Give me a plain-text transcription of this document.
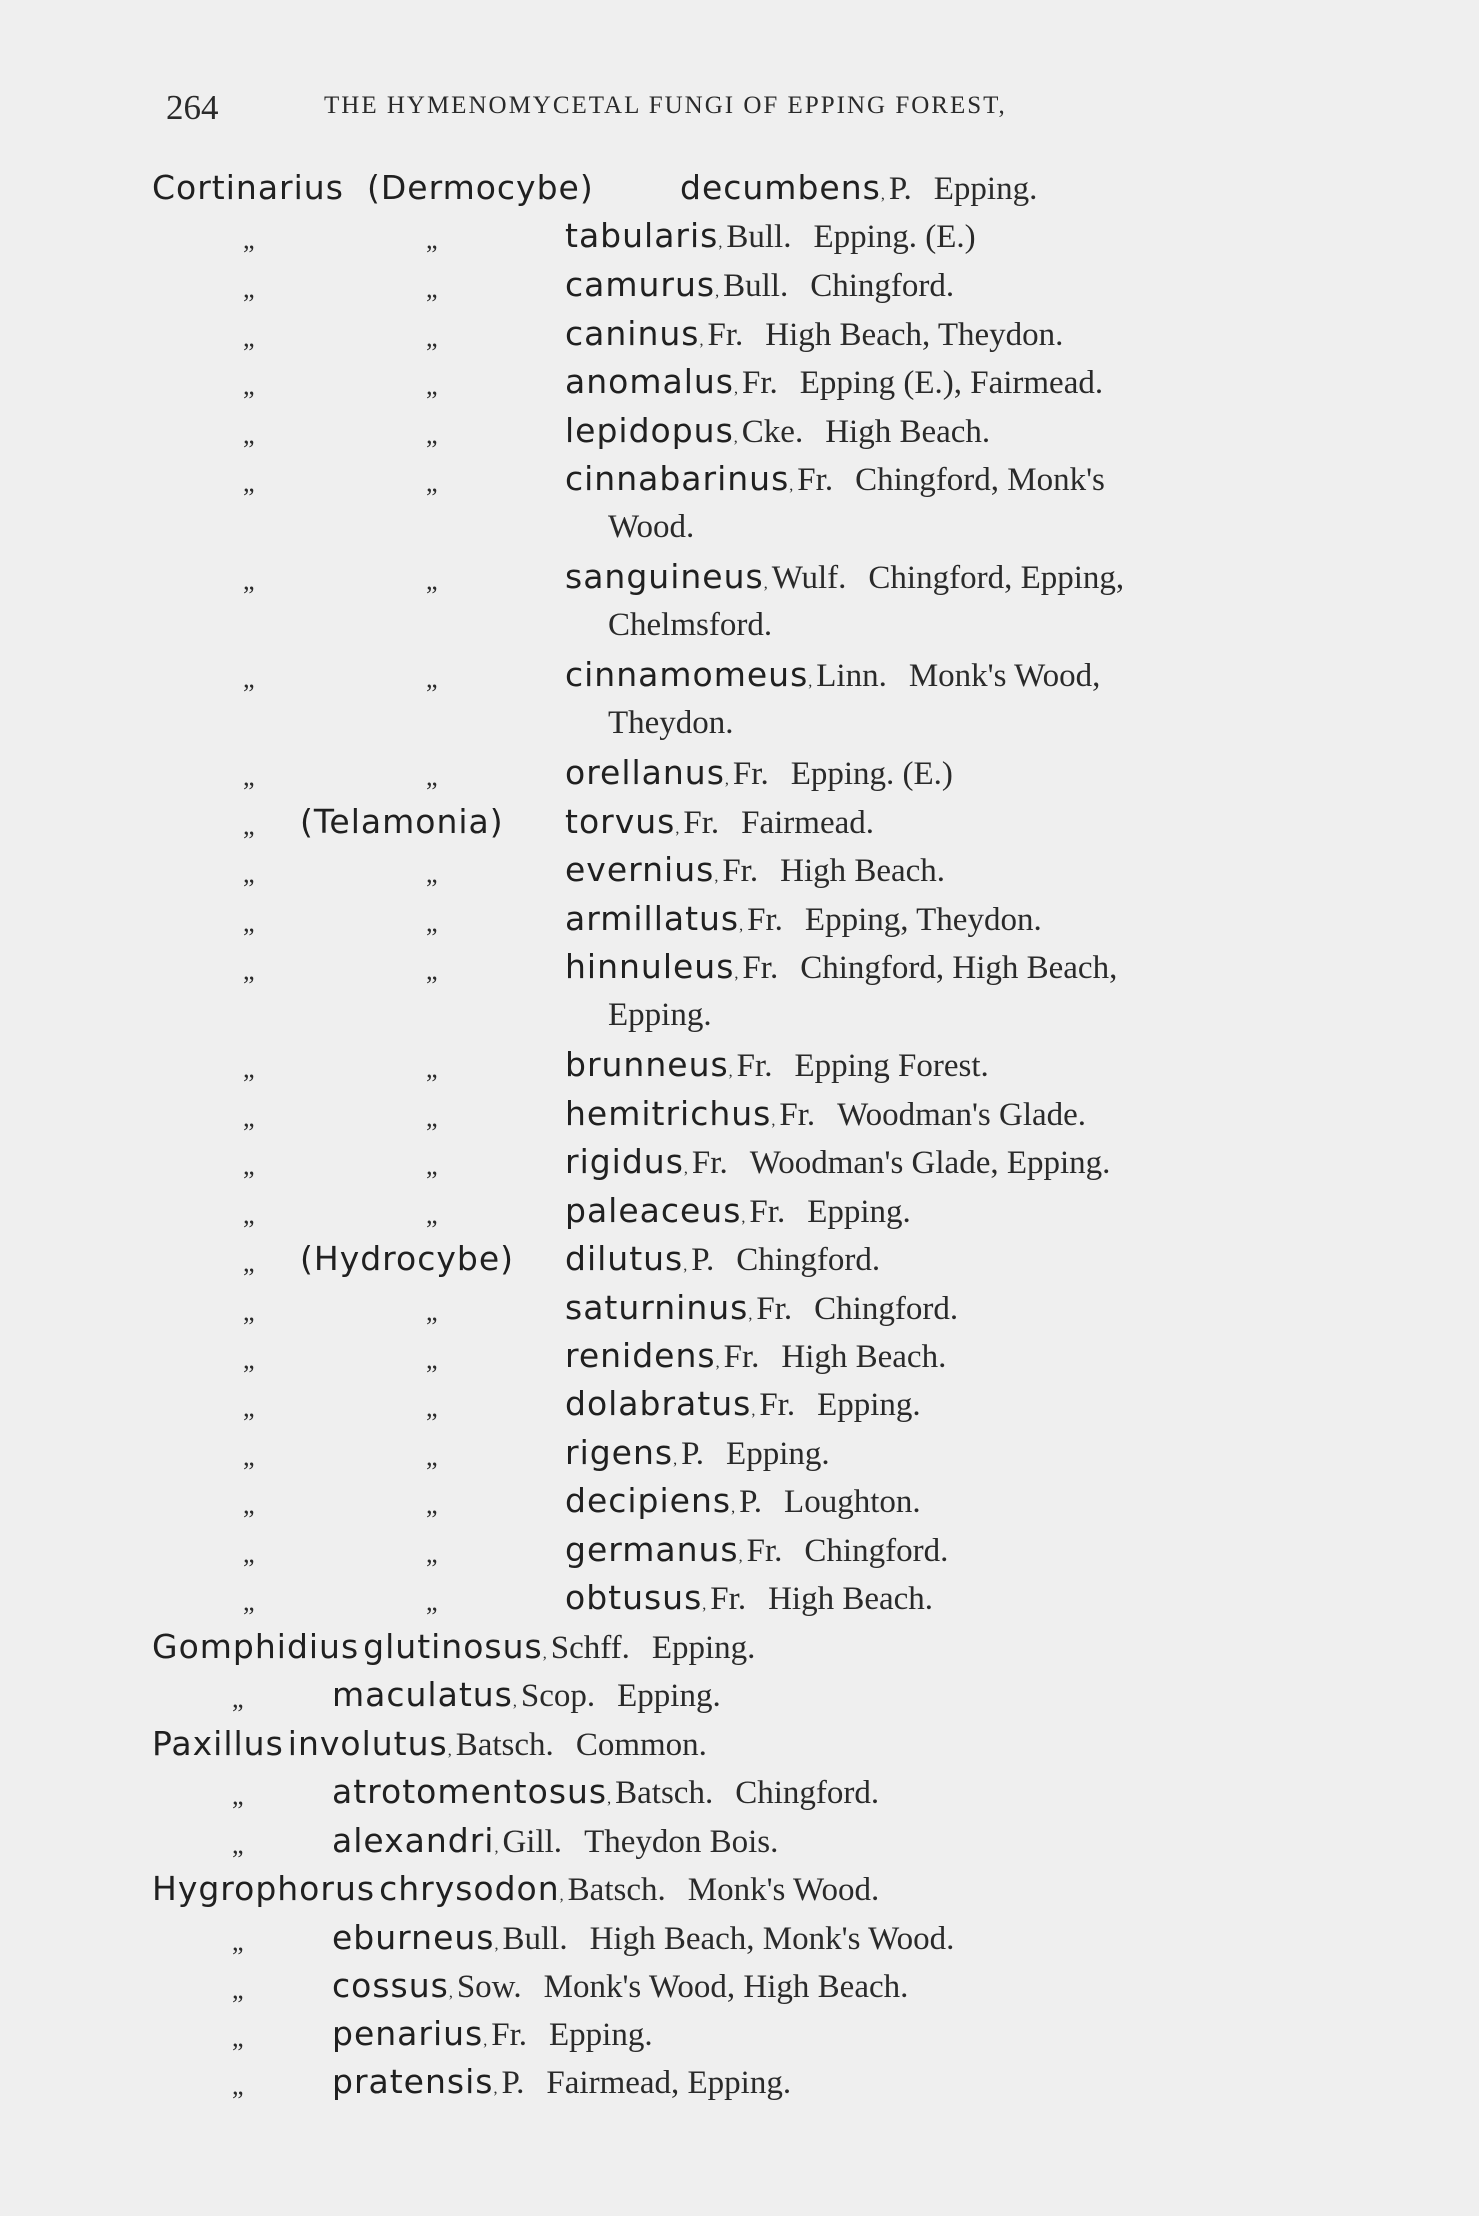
264	THE HYMENOMYCETAL FUNGI OF EPPING FOREST,
Cortinarius (Dermocybe)	decumbens, P. Epping.
„	„	tabularis, Bull. Epping. (E.)
„	„	camurus, Bull. Chingford.
„	„	caninus, Fr. High Beach, Theydon.
„	„	anomalus, Fr. Epping (E.), Fairmead.
„	„	lepidopus, Cke. High Beach.
„	„	cinnabarinus, Fr. Chingford, Monk's
Wood.
„	„	sanguineus, Wulf. Chingford, Epping,
Chelmsford.
„	„	cinnamomeus, Linn. Monk's Wood,
Theydon.
„	„	orellanus, Fr. Epping. (E.)
„ (Telamonia) torvus, Fr. Fairmead.
„	„	evernius, Fr. High Beach.
„	„	armillatus, Fr. Epping, Theydon.
„	„	hinnuleus, Fr. Chingford, High Beach,
Epping.
„	„	brunneus, Fr. Epping Forest.
„	„	hemitrichus, Fr. Woodman's Glade.
„	„	rigidus, Fr. Woodman's Glade, Epping.
„	„	paleaceus, Fr. Epping.
„ (Hydrocybe) dilutus, P. Chingford.
„	„	saturninus, Fr. Chingford.
„	„	renidens, Fr. High Beach.
„	„	dolabratus, Fr. Epping.
„	„	rigens, P. Epping.
„	„	decipiens, P. Loughton.
„	„	germanus, Fr. Chingford.
„	„	obtusus, Fr. High Beach.
Gomphidius glutinosus, Schff. Epping.
„	maculatus, Scop. Epping.
Paxillus involutus, Batsch. Common.
„	atrotomentosus, Batsch. Chingford.
„	alexandri, Gill. Theydon Bois.
Hygrophorus chrysodon, Batsch. Monk's Wood.
„	eburneus, Bull. High Beach, Monk's Wood.
„	cossus, Sow. Monk's Wood, High Beach.
„	penarius, Fr. Epping.
„	pratensis, P. Fairmead, Epping.
